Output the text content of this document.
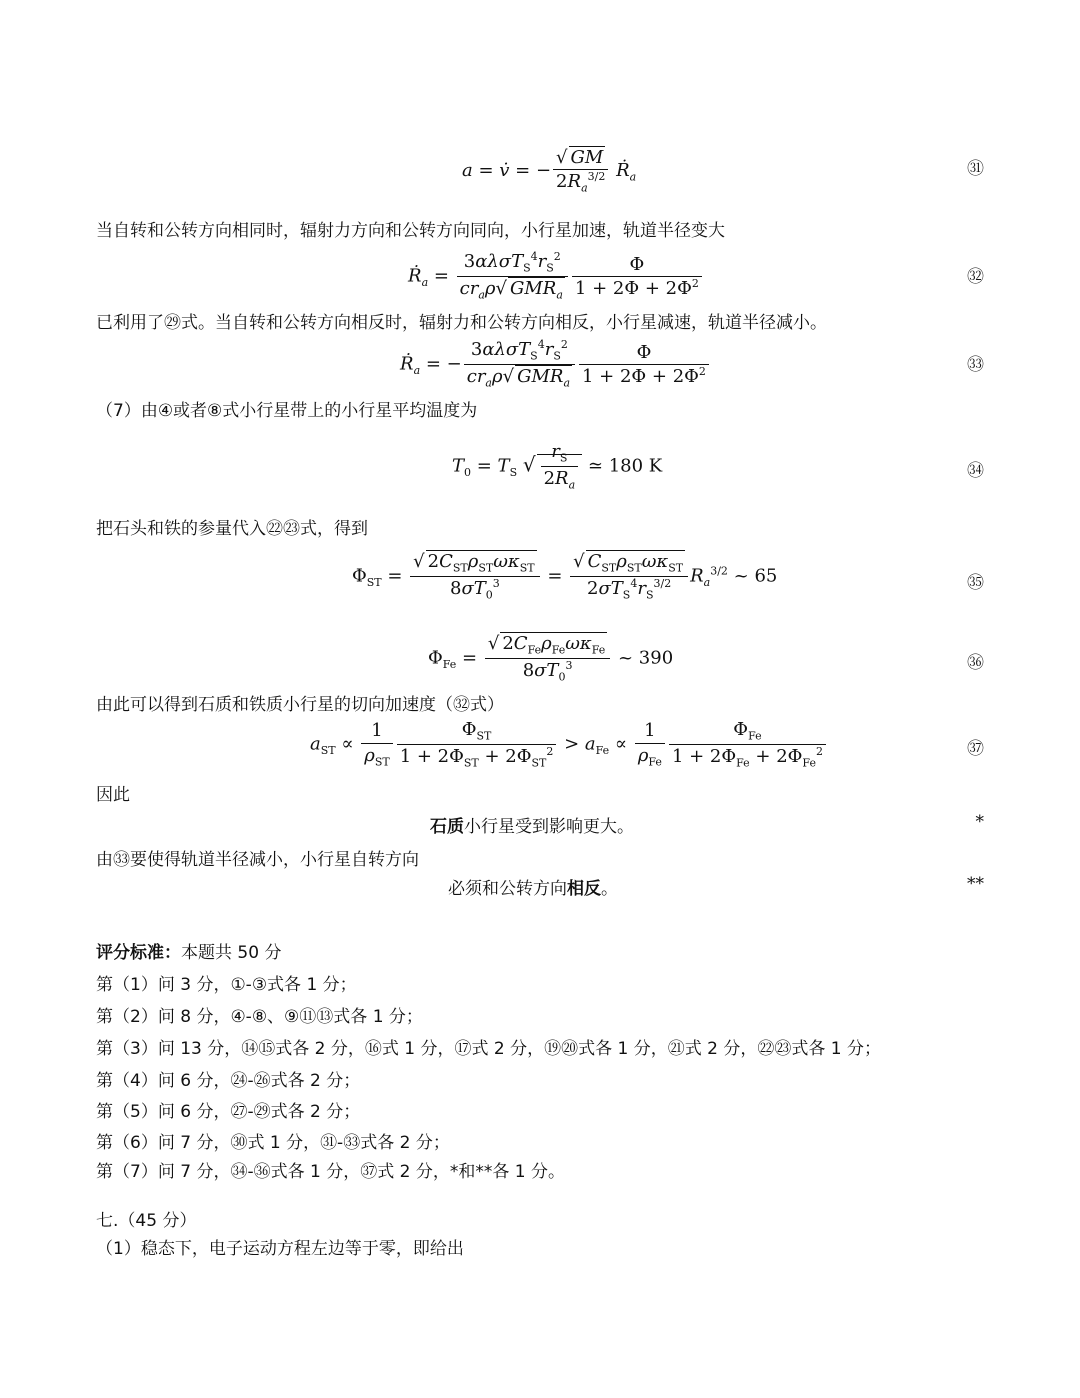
a = v̇ = − $\frac{√ GM}{2R_a^{3/2}}$ Ṙ$_a$	㉛
当自转和公转方向相同时，辐射力方向和公转方向同向，小行星加速，轨道半径变大
Ṙ$_a$ = $\frac{3\alpha\lambda\sigma T_S^4r_S^2}{cr_a\rho√ GMR_a} \frac{\Phi}{1 + 2\Phi + 2\Phi^2}$	㉜
已利用了㉙式。当自转和公转方向相反时，辐射力和公转方向相反，小行星减速，轨道半径减小。
Ṙ$_a$ = − $\frac{3\alpha\lambda\sigma T_S^4r_S^2}{cr_a\rho√ GMR_a} \frac{\Phi}{1 + 2\Phi + 2\Phi^2}$	㉝
（7）由④或者⑧式小行星带上的小行星平均温度为
$T_0 = T_S$ √ $\frac{r_S}{2R_a}$ ≃ 180 K	㉞
把石头和铁的参量代入㉒㉓式，得到
$\Phi_{ST} = \frac{√ 2C_{ST}\rho_{ST}\omega\kappa_{ST}}{8\sigma T_0^3} = \frac{√ C_{ST}\rho_{ST}\omega\kappa_{ST}}{2\sigma T_S^4r_S^{3/2}} R_a^{3/2}$ ~ 65	㉟
$\Phi_{Fe} = \frac{√ 2C_{Fe}\rho_{Fe}\omega\kappa_{Fe}}{8\sigma T_0^3}$ ~ 390	㊱
由此可以得到石质和铁质小行星的切向加速度（㉜式）
$a_{ST} \propto \frac{1}{\rho_{ST}} \frac{\Phi_{ST}}{1 + 2\Phi_{ST} + 2\Phi_{ST}^2} > a_{Fe} \propto \frac{1}{\rho_{Fe}} \frac{\Phi_{Fe}}{1 + 2\Phi_{Fe} + 2\Phi_{Fe}^2}$	㊲
因此
石质小行星受到影响更大。	*
由㉝要使得轨道半径减小，小行星自转方向
必须和公转方向相反。	**
评分标准：本题共 50 分
第（1）问 3 分，①-③式各 1 分；
第（2）问 8 分，④-⑧、⑨⑪⑬式各 1 分；
第（3）问 13 分，⑭⑮式各 2 分，⑯式 1 分，⑰式 2 分，⑲⑳式各 1 分，㉑式 2 分，㉒㉓式各 1 分；
第（4）问 6 分，㉔-㉖式各 2 分；
第（5）问 6 分，㉗-㉙式各 2 分；
第（6）问 7 分，㉚式 1 分，㉛-㉝式各 2 分；
第（7）问 7 分，㉞-㊱式各 1 分，㊲式 2 分，*和**各 1 分。
七.（45 分）
（1）稳态下，电子运动方程左边等于零，即给出
